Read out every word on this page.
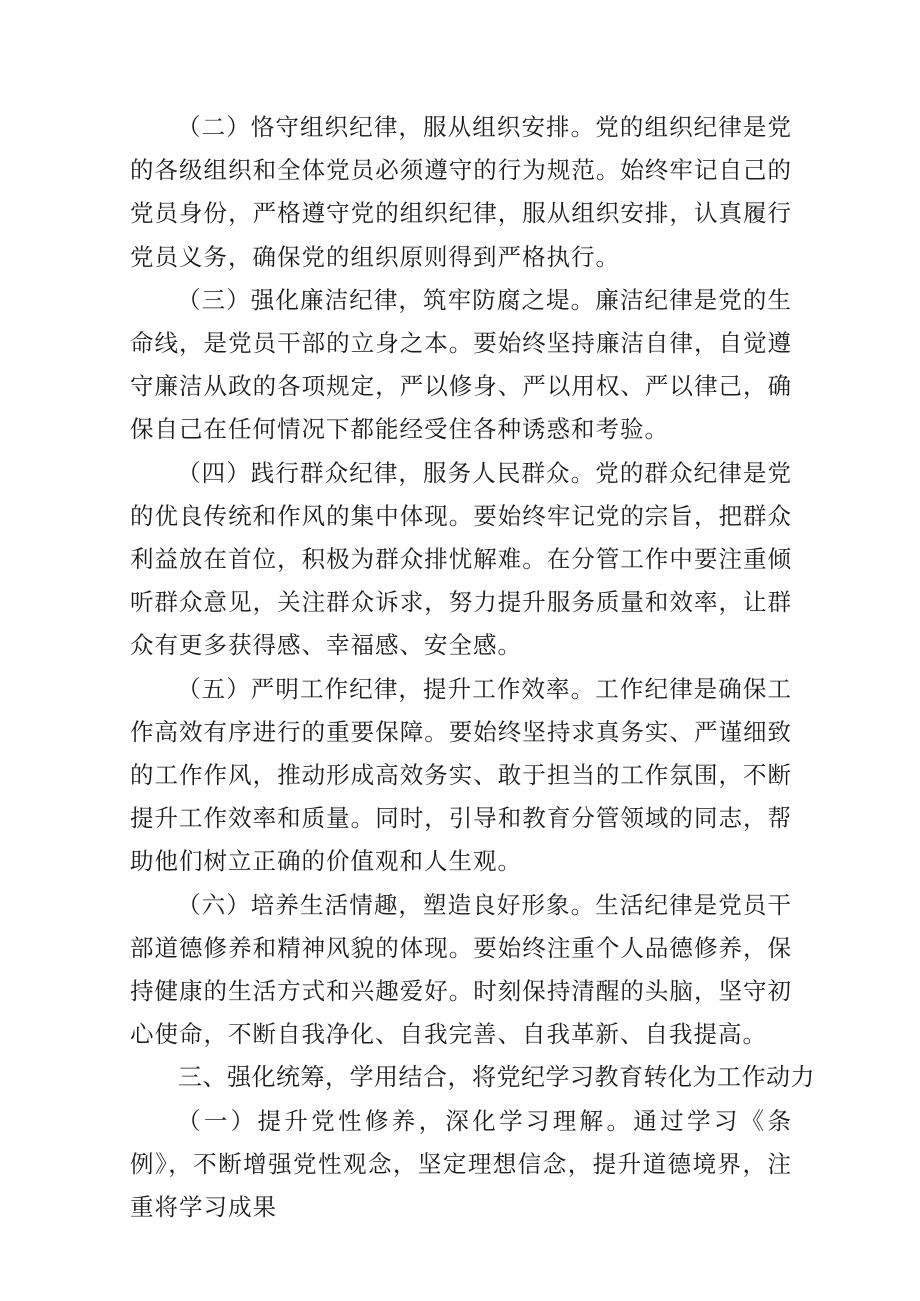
（二）恪守组织纪律，服从组织安排。党的组织纪律是党的各级组织和全体党员必须遵守的行为规范。始终牢记自己的党员身份，严格遵守党的组织纪律，服从组织安排，认真履行党员义务，确保党的组织原则得到严格执行。

（三）强化廉洁纪律，筑牢防腐之堤。廉洁纪律是党的生命线，是党员干部的立身之本。要始终坚持廉洁自律，自觉遵守廉洁从政的各项规定，严以修身、严以用权、严以律己，确保自己在任何情况下都能经受住各种诱惑和考验。

（四）践行群众纪律，服务人民群众。党的群众纪律是党的优良传统和作风的集中体现。要始终牢记党的宗旨，把群众利益放在首位，积极为群众排忧解难。在分管工作中要注重倾听群众意见，关注群众诉求，努力提升服务质量和效率，让群众有更多获得感、幸福感、安全感。

（五）严明工作纪律，提升工作效率。工作纪律是确保工作高效有序进行的重要保障。要始终坚持求真务实、严谨细致的工作作风，推动形成高效务实、敢于担当的工作氛围，不断提升工作效率和质量。同时，引导和教育分管领域的同志，帮助他们树立正确的价值观和人生观。

（六）培养生活情趣，塑造良好形象。生活纪律是党员干部道德修养和精神风貌的体现。要始终注重个人品德修养，保持健康的生活方式和兴趣爱好。时刻保持清醒的头脑，坚守初心使命，不断自我净化、自我完善、自我革新、自我提高。

三、强化统筹，学用结合，将党纪学习教育转化为工作动力

（一）提升党性修养，深化学习理解。通过学习《条例》，不断增强党性观念，坚定理想信念，提升道德境界，注重将学习成果
